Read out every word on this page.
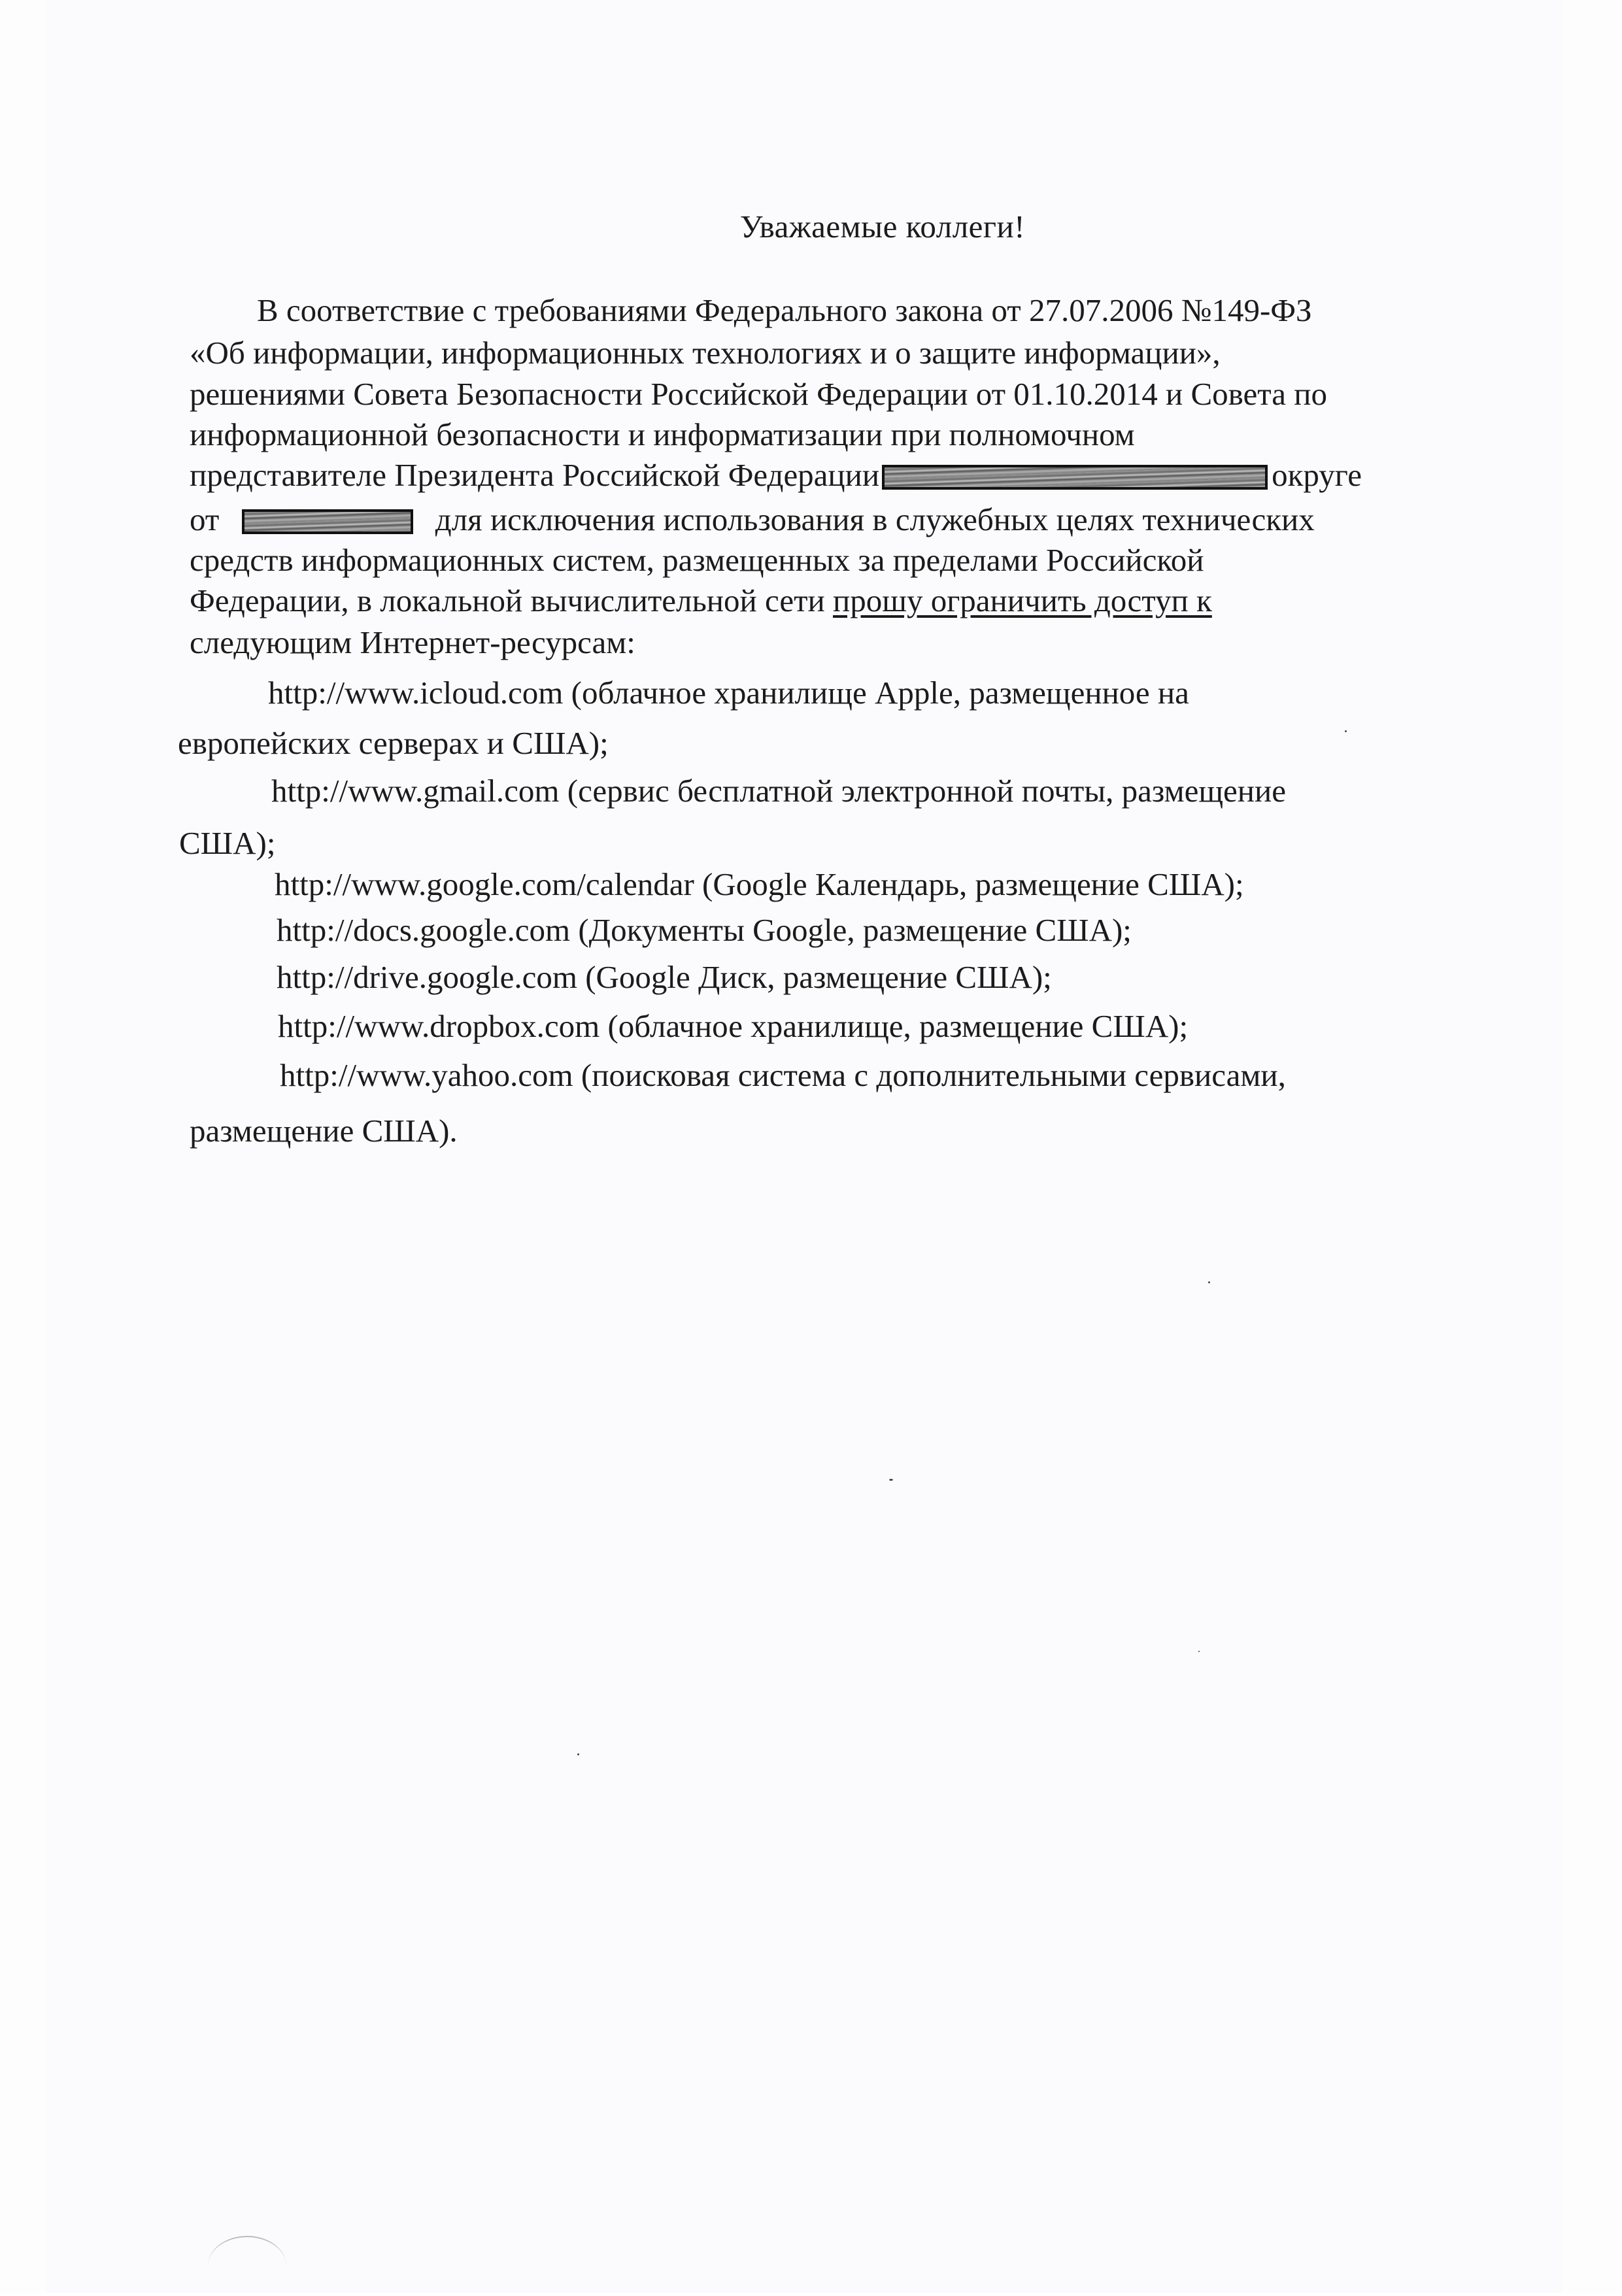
Уважаемые коллеги!
В соответствие с требованиями Федерального закона от 27.07.2006 №149-ФЗ
«Об информации, информационных технологиях и о защите информации»,
решениями Совета Безопасности Российской Федерации от 01.10.2014 и Совета по
информационной безопасности и информатизации при полномочном
представителе Президента Российской Федерации	округе
от	для исключения использования в служебных целях технических
средств информационных систем, размещенных за пределами Российской
Федерации, в локальной вычислительной сети прошу ограничить доступ к
следующим Интернет-ресурсам:
http://www.icloud.com (облачное хранилище Apple, размещенное на
европейских серверах и США);
http://www.gmail.com (сервис бесплатной электронной почты, размещение
США);
http://www.google.com/calendar (Google Календарь, размещение США);
http://docs.google.com (Документы Google, размещение США);
http://drive.google.com (Google Диск, размещение США);
http://www.dropbox.com (облачное хранилище, размещение США);
http://www.yahoo.com (поисковая система с дополнительными сервисами,
размещение США).
